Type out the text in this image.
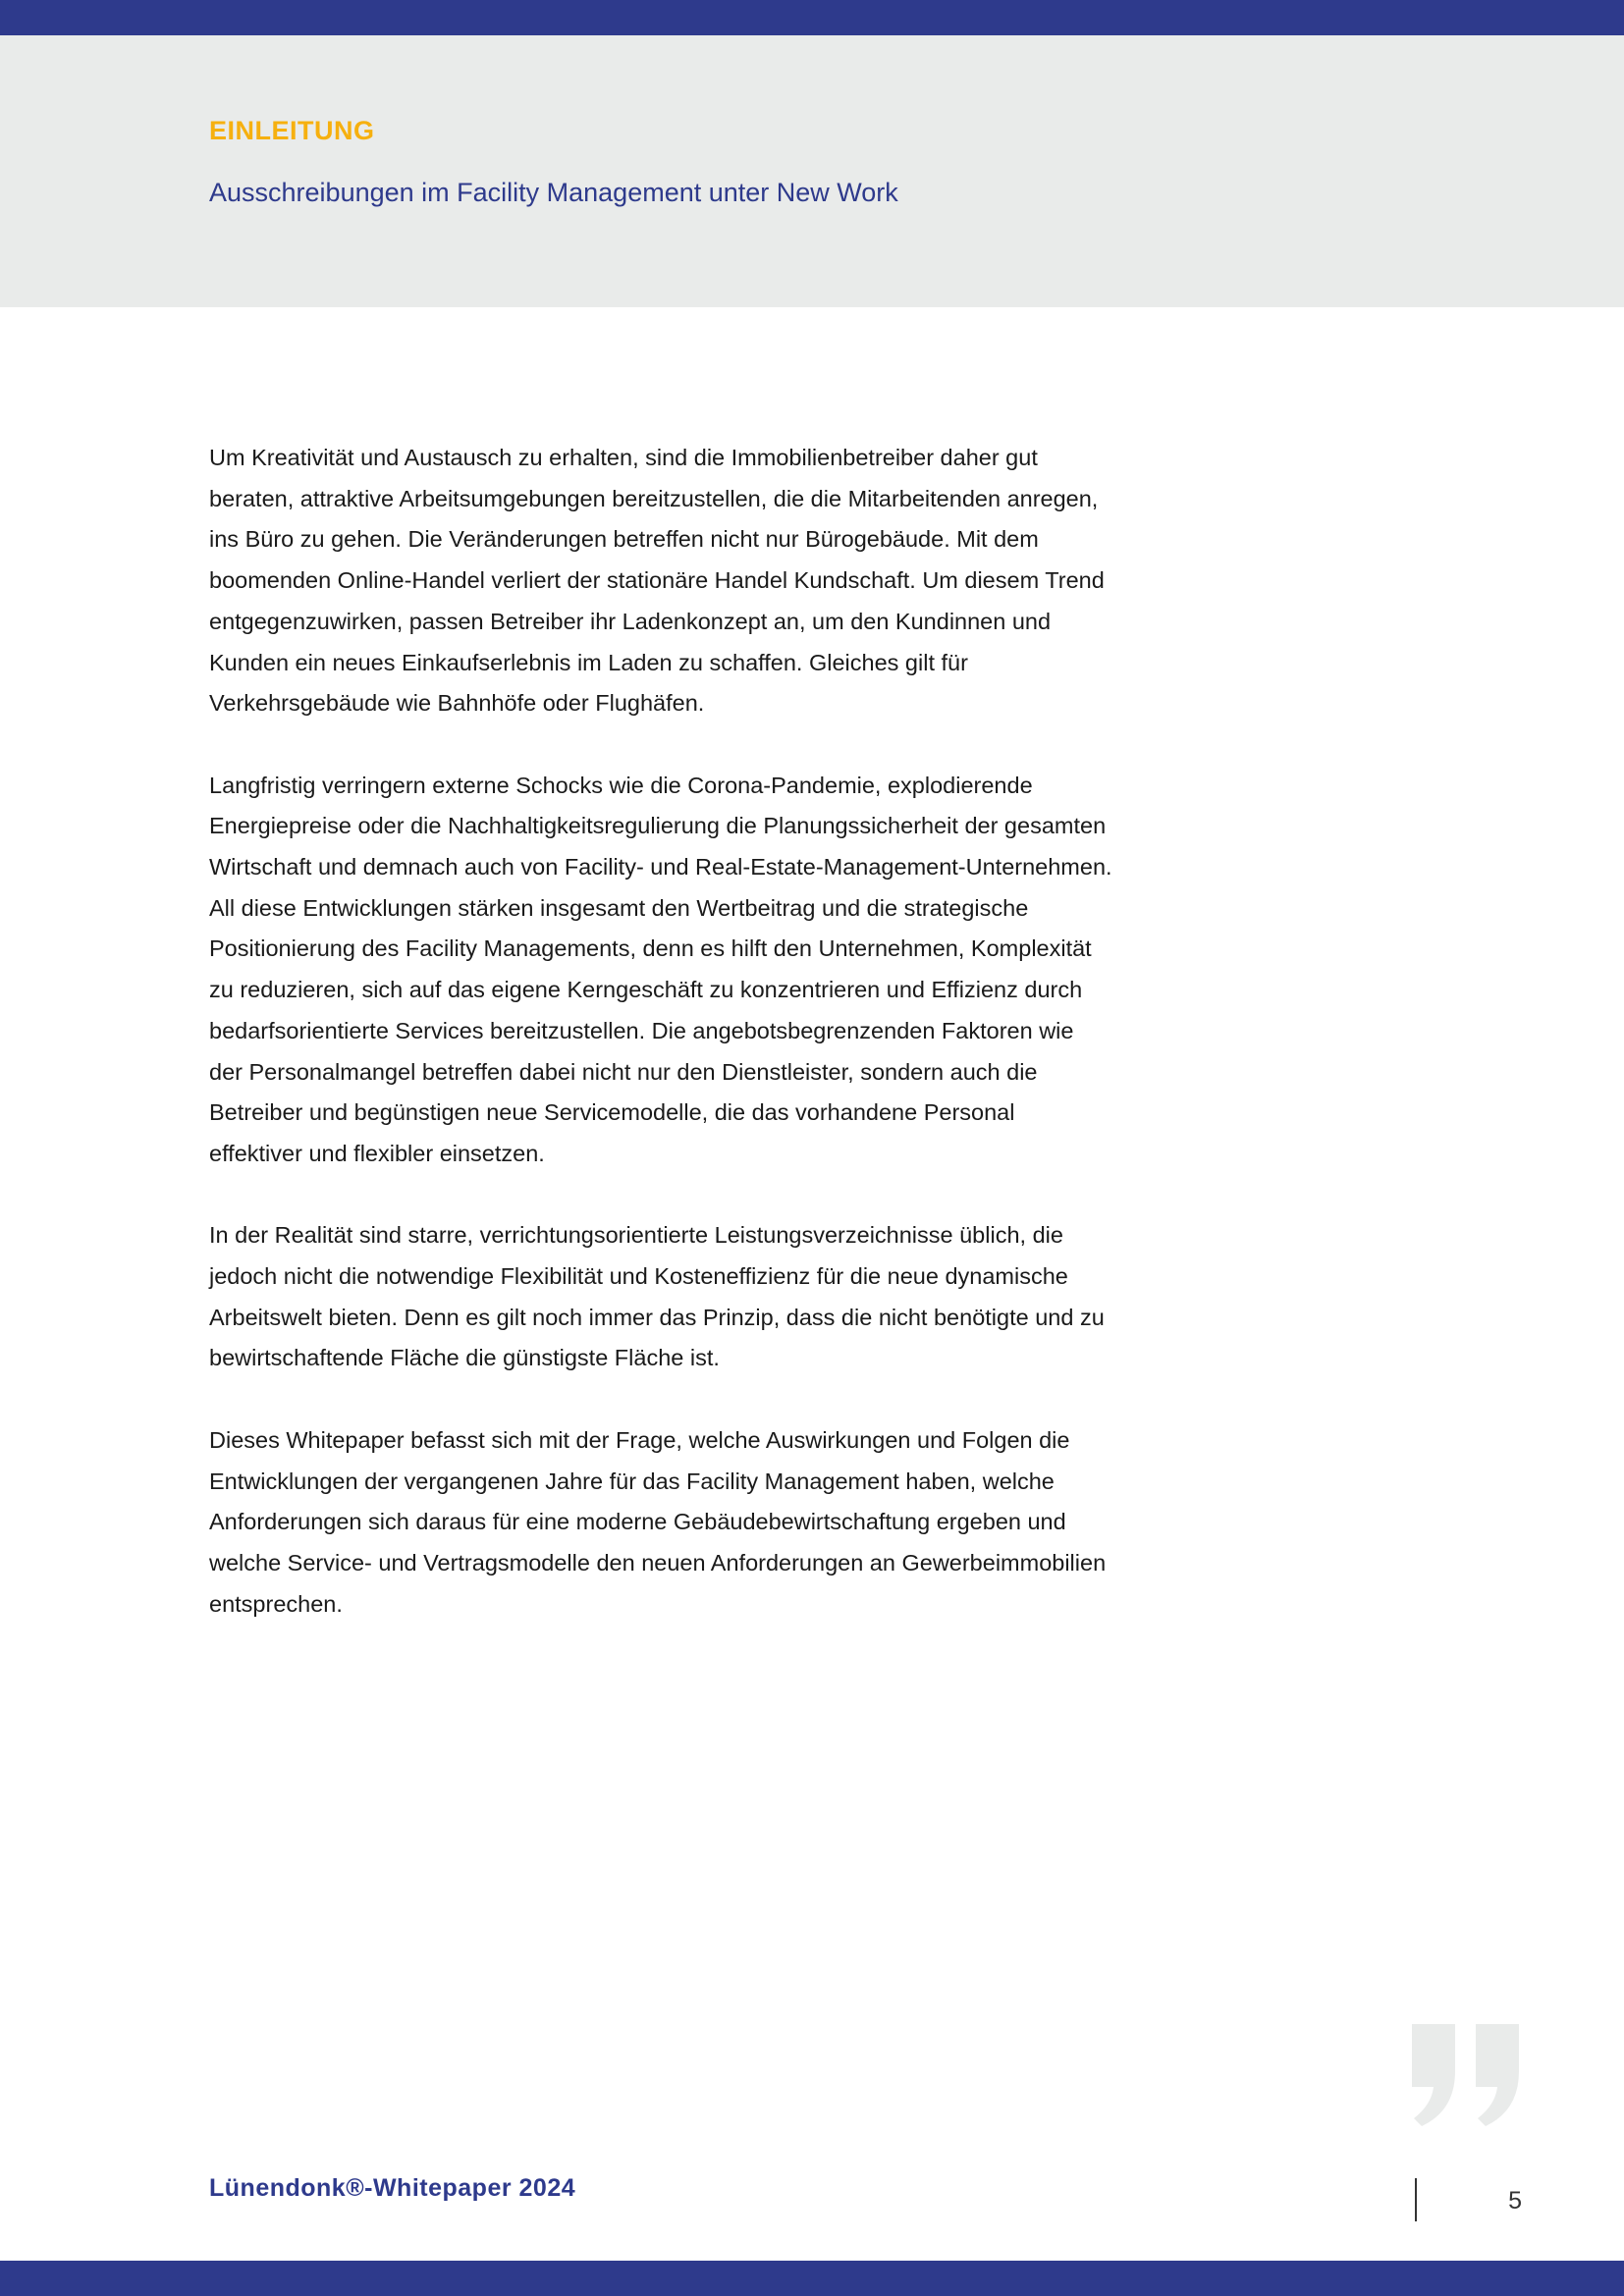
EINLEITUNG
Ausschreibungen im Facility Management unter New Work

Um Kreativität und Austausch zu erhalten, sind die Immobilienbetreiber daher gut beraten, attraktive Arbeitsumgebungen bereitzustellen, die die Mitarbeitenden anregen, ins Büro zu gehen. Die Veränderungen betreffen nicht nur Bürogebäude. Mit dem boomenden Online-Handel verliert der stationäre Handel Kundschaft. Um diesem Trend entgegenzuwirken, passen Betreiber ihr Ladenkonzept an, um den Kundinnen und Kunden ein neues Einkaufserlebnis im Laden zu schaffen. Gleiches gilt für Verkehrsgebäude wie Bahnhöfe oder Flughäfen.

Langfristig verringern externe Schocks wie die Corona-Pandemie, explodierende Energiepreise oder die Nachhaltigkeitsregulierung die Planungssicherheit der gesamten Wirtschaft und demnach auch von Facility- und Real-Estate-Management-Unternehmen. All diese Entwicklungen stärken insgesamt den Wertbeitrag und die strategische Positionierung des Facility Managements, denn es hilft den Unternehmen, Komplexität zu reduzieren, sich auf das eigene Kerngeschäft zu konzentrieren und Effizienz durch bedarfsorientierte Services bereitzustellen. Die angebotsbegrenzenden Faktoren wie der Personalmangel betreffen dabei nicht nur den Dienstleister, sondern auch die Betreiber und begünstigen neue Servicemodelle, die das vorhandene Personal effektiver und flexibler einsetzen.

In der Realität sind starre, verrichtungsorientierte Leistungsverzeichnisse üblich, die jedoch nicht die notwendige Flexibilität und Kosteneffizienz für die neue dynamische Arbeitswelt bieten. Denn es gilt noch immer das Prinzip, dass die nicht benötigte und zu bewirtschaftende Fläche die günstigste Fläche ist.

Dieses Whitepaper befasst sich mit der Frage, welche Auswirkungen und Folgen die Entwicklungen der vergangenen Jahre für das Facility Management haben, welche Anforderungen sich daraus für eine moderne Gebäudebewirtschaftung ergeben und welche Service- und Vertragsmodelle den neuen Anforderungen an Gewerbeimmobilien entsprechen.

Lünendonk®-Whitepaper 2024	5
